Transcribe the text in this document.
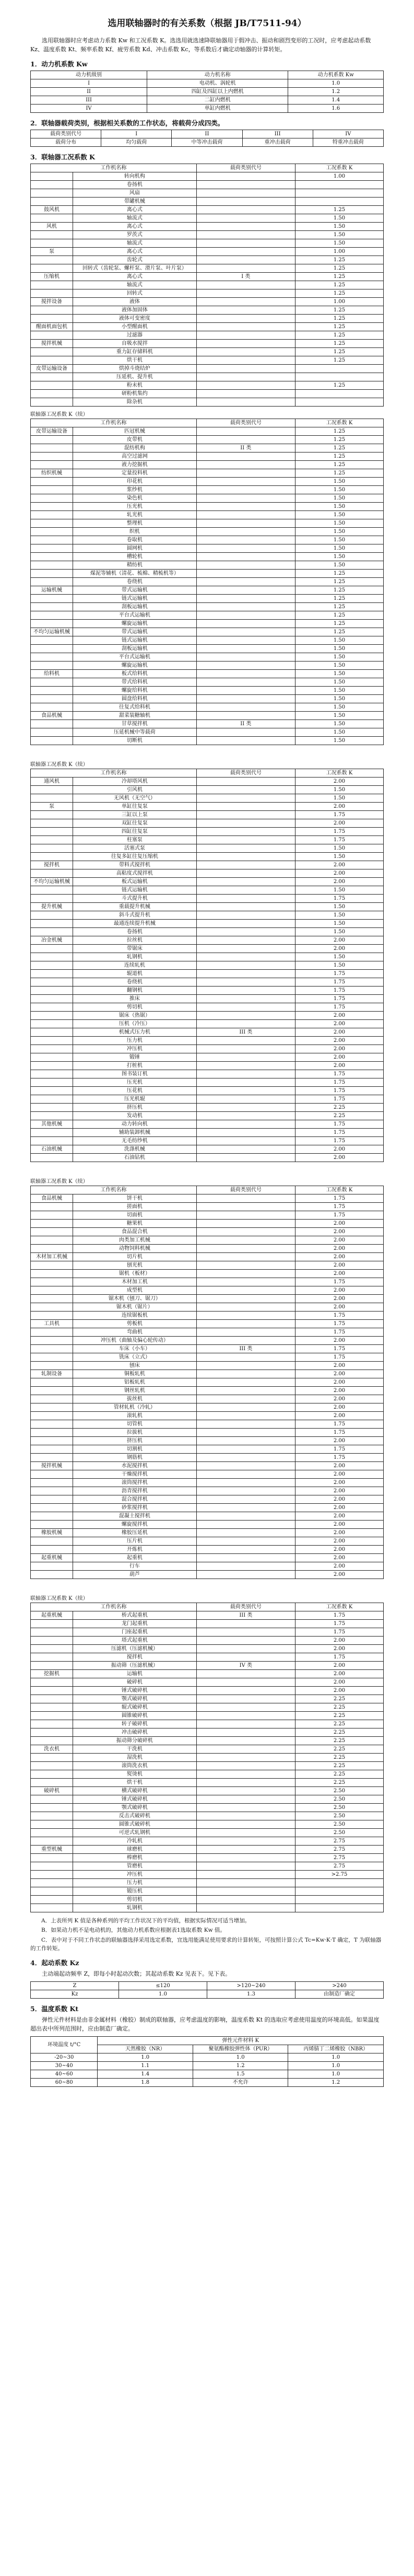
选用联轴器时的有关系数（根据 JB/T7511-94）

选用联轴器时应考虑动力系数 Kw 和工况系数 K。选选用就选速降联轴器用于假冲击、振动和剧烈变形的工况时，应考虑起动系数 Kz、温度系数 Kt、频率系数 Kf、疲劳系数 Kd、冲击系数 Kc，等系数后才确定动轴器的计算转矩。

1．动力机系数 Kw
动力机级别	动力机名称	动力机系数 Kw
I	电动机、涡轮机	1.0
II	四缸及四缸以上内燃机	1.2
III	二缸内燃机	1.4
IV	单缸内燃机	1.6
2．联轴器载荷类别，根据相关系数的工作状态，将载荷分成四类。
载荷类别代号	I	II	III	IV
载荷分布	均匀载荷	中等冲击载荷	重冲击载荷	特重冲击载荷
3．联轴器工况系数 K
工作机名称		载荷类别代号	工况系数 K
	转向机构		1.00
	卷扬机		
	风扇		
	带罐机械		
鼓风机	离心式		1.25
	轴流式		1.50
风机	离心式		1.50
	罗茨式		1.50
	轴流式		1.50
泵	离心式		1.00
	齿轮式		1.25
	回转式（齿轮泵、螺杆泵、滑片泵、叶片泵）		1.25
压缩机	离心式	I 类	1.25
	轴流式		1.25
	回转式		1.25
搅拌设备	液体		1.00
	液体加固体		1.25
	液体可变密度		1.25
醒面机面包机	小型醒面机		1.25
	过滤器		1.25
搅拌机械	自吸水搅拌		1.25
	重力缸存储料机		1.25
	烘干机		1.25
皮带运输设备	烘掉斗烧结炉		
	压延机、提升机		
	粉末机		1.25
	研粉机集约		
	除杂机		
联轴器工况系数 K（续）
工作机名称		载荷类别代号	工况系数 K
皮带运输设备	匹冠机械		1.25
	皮带机		1.25
	混纺机构	II 类	1.25
	高空过滤网		1.25
	液力挖掘机		1.25
纺织机械	定量投料机		1.25
	印花机		1.50
	浆纱机		1.50
	染色机		1.50
	压光机		1.50
	轧光机		1.50
	整理机		1.50
	织机		1.50
	卷取机		1.50
	圆网机		1.50
	槽轮机		1.50
	精纺机		1.50
	煤泥等辅机（清花、梳棉、精梳机等）		1.25
	卷绕机		1.25
运输机械	带式运输机		1.25
	链式运输机		1.25
	刮板运输机		1.25
	平台式运输机		1.25
	螺旋运输机		1.25
不均匀运输机械	带式运输机		1.25
	链式运输机		1.50
	刮板运输机		1.50
	平台式运输机		1.50
	螺旋运输机		1.50
给料机	板式给料机		1.50
	带式给料机		1.50
	螺旋给料机		1.50
	圆盘给料机		1.50
	往复式给料机		1.50
食品机械	甜菜装糖轴机		1.50
	甘草搅拌机	II 类	1.50
	压延机械中等载荷		1.50
	切断机		1.50
联轴器工况系数 K（续）
工作机名称		载荷类别代号	工况系数 K
通风机	冷却塔风机		2.00
	引风机		1.50
	无风机（无空气）		1.50
泵	单缸往复泵		2.00
	三缸以上泵		1.75
	双缸往复泵		2.00
	四缸往复泵		1.75
	柱塞泵		1.75
	活塞式泵		1.50
	往复多缸往复压缩机		1.50
搅拌机	带料式搅拌机		2.00
	高粘度式搅拌机		2.00
不均匀运输机械	板式运输机		2.00
	链式运输机		1.50
	斗式提升机		1.75
提升机械	重载提升机械		1.50
	斜斗式提升机		1.50
	最通连续提升机械		1.50
	卷扬机		1.50
冶金机械	拉丝机		2.00
	带锯床		2.00
	轧钢机		1.50
	连续轧机		1.50
	辊道机		1.75
	卷绕机		1.75
	翻钢机		1.75
	推床		1.75
	剪切机		1.75
	锯床（热锯）		2.00
	压机（冷压）		2.00
	机械式压力机	III 类	2.00
	压力机		2.00
	冲压机		2.00
	锻锤		2.00
	打桩机		2.00
	图书装订机		1.75
	压光机		1.75
	压花机		1.75
	压光机辊		1.75
	挤压机		2.25
	发动机		2.25
其他机械	动力转向机		1.75
	辅助装卸机械		1.75
	无毛纺纱机		1.75
石油机械	洗涤机械		2.00
	石油钻机		2.00
联轴器工况系数 K（续）
工作机名称		载荷类别代号	工况系数 K
食品机械	饼干机		1.75
	搓面机		1.75
	切面机		1.75
	糖果机		2.00
	食品混合机		2.00
	肉类加工机械		2.00
	动物饲料机械		2.00
木材加工机械	切片机		2.00
	刨光机		2.00
	锯机（板材）		2.00
	木材加工机		1.75
	成型机		2.00
	锯木机（刨刀、锯刀）		2.00
	锯木机（锯片）		2.00
	连续锯板机		1.75
工具机	剪板机		1.75
	弯曲机		1.75
	冲压机（曲轴及偏心轮传动）		2.00
	车床（小车）	III 类	1.75
	铣床（立式）		1.75
	刨床		2.00
轧制设备	铜板轧机		2.00
	铝板轧机		2.00
	钢丝轧机		2.00
	拔丝机		2.00
	管材轧机（冷轧）		2.00
	滚轧机		2.00
	切管机		1.75
	拉拔机		1.75
	挤压机		2.00
	切割机		1.75
	钢筋机		1.75
搅拌机械	水泥搅拌机		2.00
	干燥搅拌机		2.00
	滚筒搅拌机		2.00
	沥青搅拌机		2.00
	混合搅拌机		2.00
	砂浆搅拌机		2.00
	混凝土搅拌机		2.00
	螺旋搅拌机		2.00
橡胶机械	橡胶压延机		2.00
	压片机		2.00
	开炼机		2.00
起重机械	起重机		2.00
	行车		2.00
	葫芦		2.00
联轴器工况系数 K（续）
工作机名称		载荷类别代号	工况系数 K
起重机械	桥式起重机	III 类	1.75
	龙门起重机		1.75
	门座起重机		1.75
	塔式起重机		2.00
	压滤机（压滤机械）		2.00
	搅拌机		1.75
	振动筛（压滤机械）	IV 类	2.00
挖掘机	运输机		2.00
	破碎机		2.00
	锤式破碎机		2.00
	颚式破碎机		2.25
	辊式破碎机		2.25
	圆锥破碎机		2.25
	转子破碎机		2.25
	冲击破碎机		2.25
	振动筛分破碎机		2.25
洗衣机	干洗机		2.25
	湿洗机		2.25
	滚筒洗衣机		2.25
	熨烫机		2.25
	烘干机		2.25
破碎机	横式破碎机		2.50
	锤式破碎机		2.50
	颚式破碎机		2.50
	反击式破碎机		2.50
	圆锥式破碎机		2.50
	可逆式轧钢机		2.50
	冷轧机		2.75
重型机械	球磨机		2.75
	棒磨机		2.75
	管磨机		2.75
	冲压机		>2.75
	压力机		
	锻压机		
	剪切机		
	轧钢机		

A．上表所列 K 值是各种系列的平均工作状况下的平均值，根据实际情况可适当增加。

B．如果动力机不是电动机的，其他动力机系数应根据表1选取系数 Kw 值。

C．表中对于不同工作状态的联轴器选择采用选定系数，宜选用能满足使用要求的计算转矩，可按照计算公式 Tc=Kw·K·T 确定，T 为联轴器的工作转矩。

4．起动系数 Kz

主动端起动频率 Z，即每小时起动次数；其起动系数 Kz 见表下。见下表。

Z	≤120	>120~240	>240
Kz	1.0	1.3	由制造厂确定
5．温度系数 Kt

弹性元件材料是由非金属材料（橡胶）制成的联轴器，应考虑温度的影响，温度系数 Kt 的选取应考虑使用温度的环境高低。如果温度超出表中所列范围时，应由制造厂确定。

环境温度 t/°C	弹性元件材料 K		
	天然橡胶（NR）	聚氨酯橡胶弹性体（PUR）	丙烯腈丁二烯橡胶（NBR）
-20~30	1.0	1.0	1.0
30~40	1.1	1.2	1.0
40~60	1.4	1.5	1.0
60~80	1.8	不允许	1.2
